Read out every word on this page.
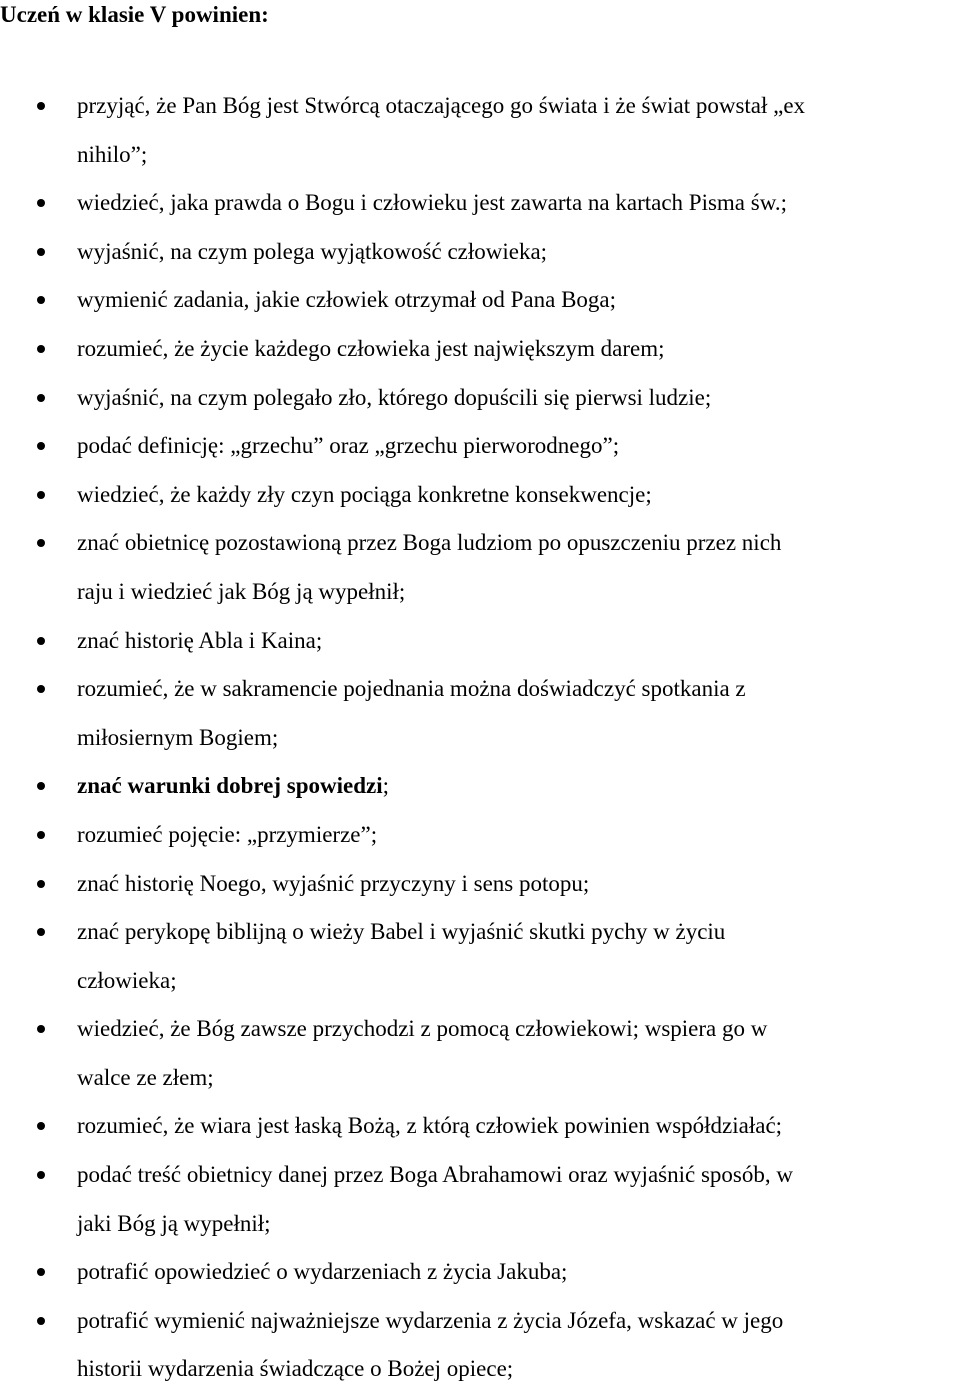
Uczeń w klasie V powinien:
przyjąć, że Pan Bóg jest Stwórcą otaczającego go świata i że świat powstał „ex
nihilo”;
wiedzieć, jaka prawda o Bogu i człowieku jest zawarta na kartach Pisma św.;
wyjaśnić, na czym polega wyjątkowość człowieka;
wymienić zadania, jakie człowiek otrzymał od Pana Boga;
rozumieć, że życie każdego człowieka jest największym darem;
wyjaśnić, na czym polegało zło, którego dopuścili się pierwsi ludzie;
podać definicję: „grzechu” oraz „grzechu pierworodnego”;
wiedzieć, że każdy zły czyn pociąga konkretne konsekwencje;
znać obietnicę pozostawioną przez Boga ludziom po opuszczeniu przez nich
raju i wiedzieć jak Bóg ją wypełnił;
znać historię Abla i Kaina;
rozumieć, że w sakramencie pojednania można doświadczyć spotkania z
miłosiernym Bogiem;
znać warunki dobrej spowiedzi;
rozumieć pojęcie: „przymierze”;
znać historię Noego, wyjaśnić przyczyny i sens potopu;
znać perykopę biblijną o wieży Babel i wyjaśnić skutki pychy w życiu
człowieka;
wiedzieć, że Bóg zawsze przychodzi z pomocą człowiekowi; wspiera go w
walce ze złem;
rozumieć, że wiara jest łaską Bożą, z którą człowiek powinien współdziałać;
podać treść obietnicy danej przez Boga Abrahamowi oraz wyjaśnić sposób, w
jaki Bóg ją wypełnił;
potrafić opowiedzieć o wydarzeniach z życia Jakuba;
potrafić wymienić najważniejsze wydarzenia z życia Józefa, wskazać w jego
historii wydarzenia świadczące o Bożej opiece;
